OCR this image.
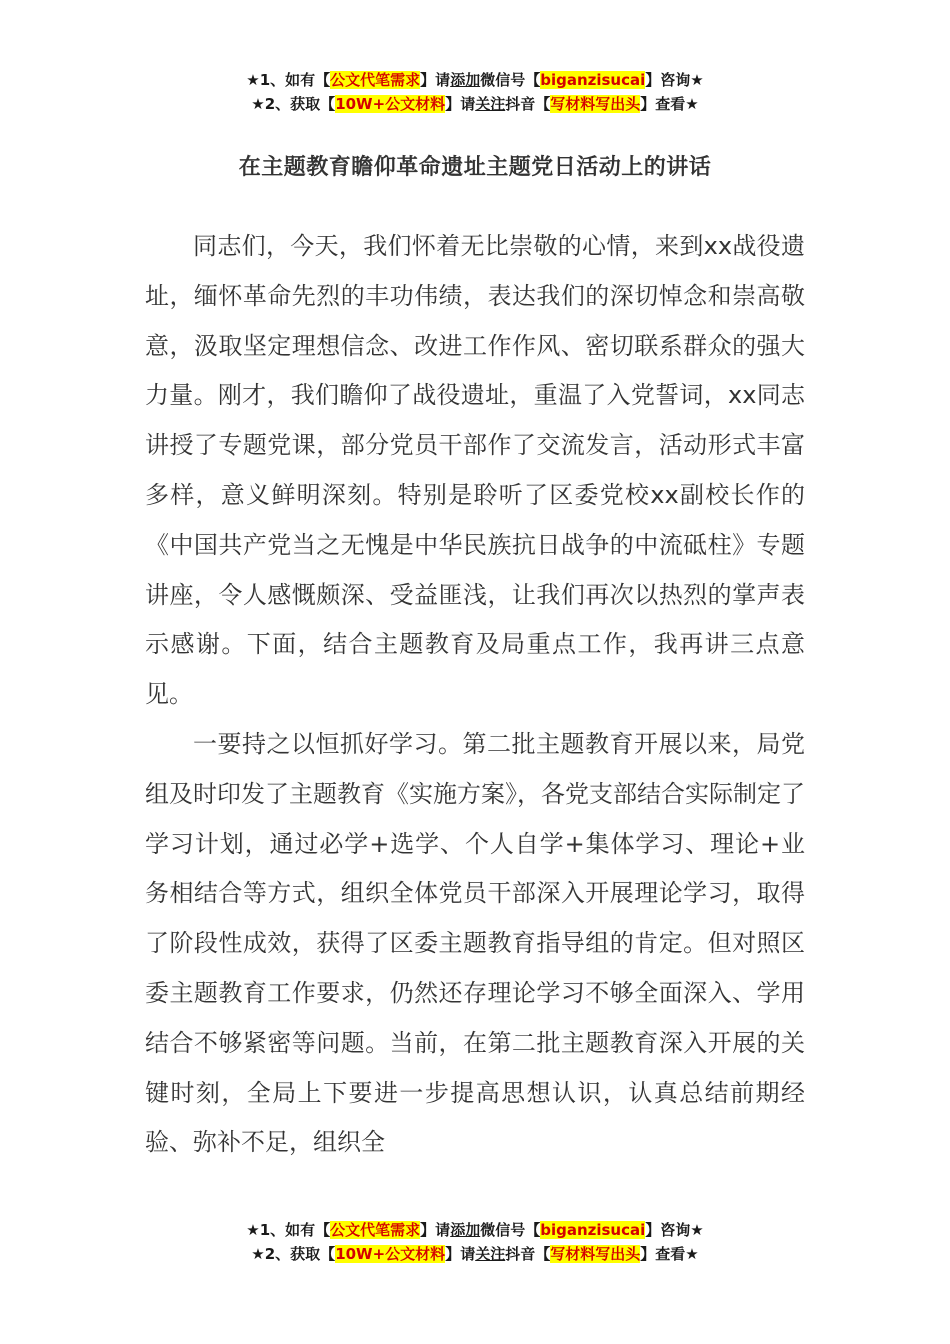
★1、如有【公文代笔需求】请添加微信号【biganzisucai】咨询★
★2、获取【10W+公文材料】请关注抖音【写材料写出头】查看★
在主题教育瞻仰革命遗址主题党日活动上的讲话

同志们，今天，我们怀着无比崇敬的心情，来到xx战役遗址，缅怀革命先烈的丰功伟绩，表达我们的深切悼念和崇高敬意，汲取坚定理想信念、改进工作作风、密切联系群众的强大力量。刚才，我们瞻仰了战役遗址，重温了入党誓词，xx同志讲授了专题党课，部分党员干部作了交流发言，活动形式丰富多样，意义鲜明深刻。特别是聆听了区委党校xx副校长作的《中国共产党当之无愧是中华民族抗日战争的中流砥柱》专题讲座，令人感慨颇深、受益匪浅，让我们再次以热烈的掌声表示感谢。下面，结合主题教育及局重点工作，我再讲三点意见。

一要持之以恒抓好学习。第二批主题教育开展以来，局党组及时印发了主题教育《实施方案》，各党支部结合实际制定了学习计划，通过必学+选学、个人自学+集体学习、理论+业务相结合等方式，组织全体党员干部深入开展理论学习，取得了阶段性成效，获得了区委主题教育指导组的肯定。但对照区委主题教育工作要求，仍然还存理论学习不够全面深入、学用结合不够紧密等问题。当前，在第二批主题教育深入开展的关键时刻，全局上下要进一步提高思想认识，认真总结前期经验、弥补不足，组织全

★1、如有【公文代笔需求】请添加微信号【biganzisucai】咨询★
★2、获取【10W+公文材料】请关注抖音【写材料写出头】查看★
